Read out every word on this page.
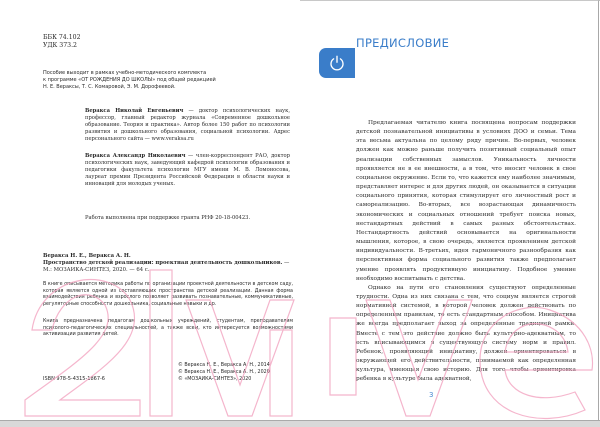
ББК 74.102
УДК 373.2
Пособие выходит в рамках учебно-методического комплекта
к программе «ОТ РОЖДЕНИЯ ДО ШКОЛЫ» под общей редакцией
Н. Е. Вераксы, Т. С. Комаровой, Э. М. Дорофеевой.
Веракса Николай Евгеньевич — доктор психологических наук, профессор, главный редактор журнала «Современное дошкольное образование. Теория и практика». Автор более 150 работ по психологии развития и дошкольного образования, социальной психологии. Адрес персонального сайта — www.veraksa.ru
Веракса Александр Николаевич — член-корреспондент РАО, доктор психологических наук, заведующий кафедрой психологии образования и педагогики факультета психологии МГУ имени М. В. Ломоносова, лауреат премии Президента Российской Федерации в области науки и инноваций для молодых ученых.
Работа выполнена при поддержке гранта РНФ 20-18-00423.
Веракса Н. Е., Веракса А. Н.
Пространство детской реализации: проектная деятельность дошкольников. — М.: МОЗАИКА-СИНТЕЗ, 2020. — 64 с.
В книге описывается методика работы по организации проектной деятельности в детском саду, которая является одной из составляющих пространства детской реализации. Данная форма взаимодействия ребенка и взрослого позволяет развивать познавательные, коммуникативные, регуляторные способности дошкольника, социальные навыки и др.
Книга предназначена педагогам дошкольных учреждений, студентам, преподавателям психолого-педагогических специальностей, а также всем, кто интересуется возможностями активизации развития детей.
ISBN 978-5-4315-1867-6
© Веракса Н. Е., Веракса А. Н., 2014
© Веракса Н. Е., Веракса А. Н., 2020
© «МОЗАИКА-СИНТЕЗ», 2020
ПРЕДИСЛОВИЕ

Предлагаемая читателю книга посвящена вопросам поддержки детской познавательной инициативы в условиях ДОО и семьи. Тема эта весьма актуальна по целому ряду причин. Во-первых, человек должен как можно раньше получить позитивный социальный опыт реализации собственных замыслов. Уникальность личности проявляется не в ее внешности, а в том, что вносит человек в свое социальное окружение. Если то, что кажется ему наиболее значимым, представляет интерес и для других людей, он оказывается в ситуации социального принятия, которая стимулирует его личностный рост и самореализацию. Во-вторых, все возрастающая динамичность экономических и социальных отношений требует поиска новых, нестандартных действий в самых разных обстоятельствах. Нестандартность действий основывается на оригинальности мышления, которое, в свою очередь, является проявлением детской индивидуальности. В-третьих, идея гармоничного разнообразия как перспективная форма социального развития также предполагает умение проявлять продуктивную инициативу. Подобное умение необходимо воспитывать с детства.

Однако на пути его становления существуют определенные трудности. Одна из них связана с тем, что социум является строгой нормативной системой, в которой человек должен действовать по определенным правилам, то есть стандартным способом. Инициатива же всегда предполагает выход за определенные традицией рамки. Вместе с тем это действие должно быть культурно-адекватным, то есть вписывающимся в существующую систему норм и правил. Ребенок, проявляющий инициативу, должен ориентироваться в окружающей его действительности, понимаемой как определенная культура, имеющая свою историю. Для того чтобы ориентировка ребенка в культуре была адекватной,

3
